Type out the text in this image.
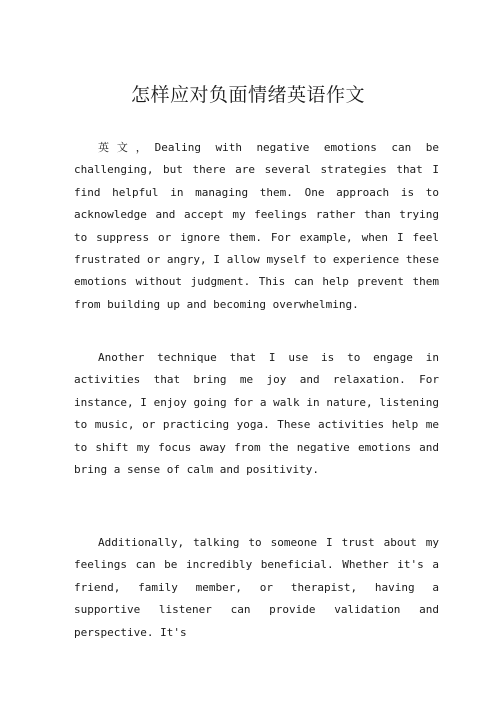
怎样应对负面情绪英语作文

英文，Dealing with negative emotions can be challenging, but there are several strategies that I find helpful in managing them. One approach is to acknowledge and accept my feelings rather than trying to suppress or ignore them. For example, when I feel frustrated or angry, I allow myself to experience these emotions without judgment. This can help prevent them from building up and becoming overwhelming.

Another technique that I use is to engage in activities that bring me joy and relaxation. For instance, I enjoy going for a walk in nature, listening to music, or practicing yoga. These activities help me to shift my focus away from the negative emotions and bring a sense of calm and positivity.

Additionally, talking to someone I trust about my feelings can be incredibly beneficial. Whether it's a friend, family member, or therapist, having a supportive listener can provide validation and perspective. It's
